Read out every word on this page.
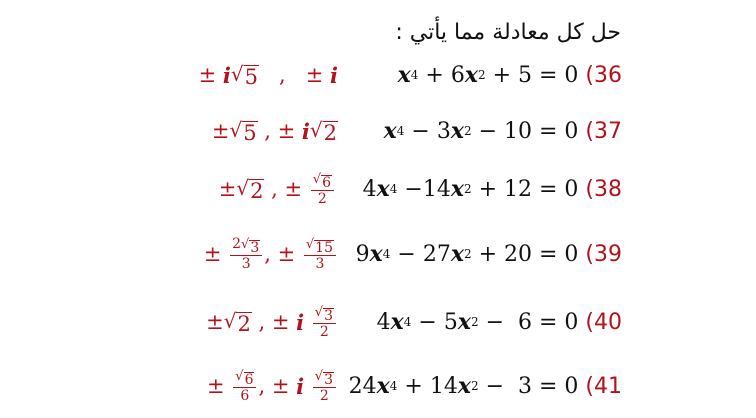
حل كل معادلة مما يأتي :
x 4 + 6 x 2 + 5 = 0 (36
± i √ 5 ,   ± i
x 4 − 3 x 2 − 10 = 0 (37
± √ 5 , ± i √ 2
4 x 4 −14 x 2 + 12 = 0 (38
± √ 2 , ± $\frac{√ 6}{2}$
9 x 4 − 27 x 2 + 20 = 0 (39
± $\frac{2 √ 3}{3}$ , ± $\frac{√ 15}{3}$
4 x 4 − 5 x 2 −  6 = 0 (40
± √ 2 , ± i
$\frac{√ 3}{2}$
24 x 4 + 14 x 2 −  3 = 0 (41
± $\frac{√ 6}{6}$ , ± i
$\frac{√ 3}{2}$
